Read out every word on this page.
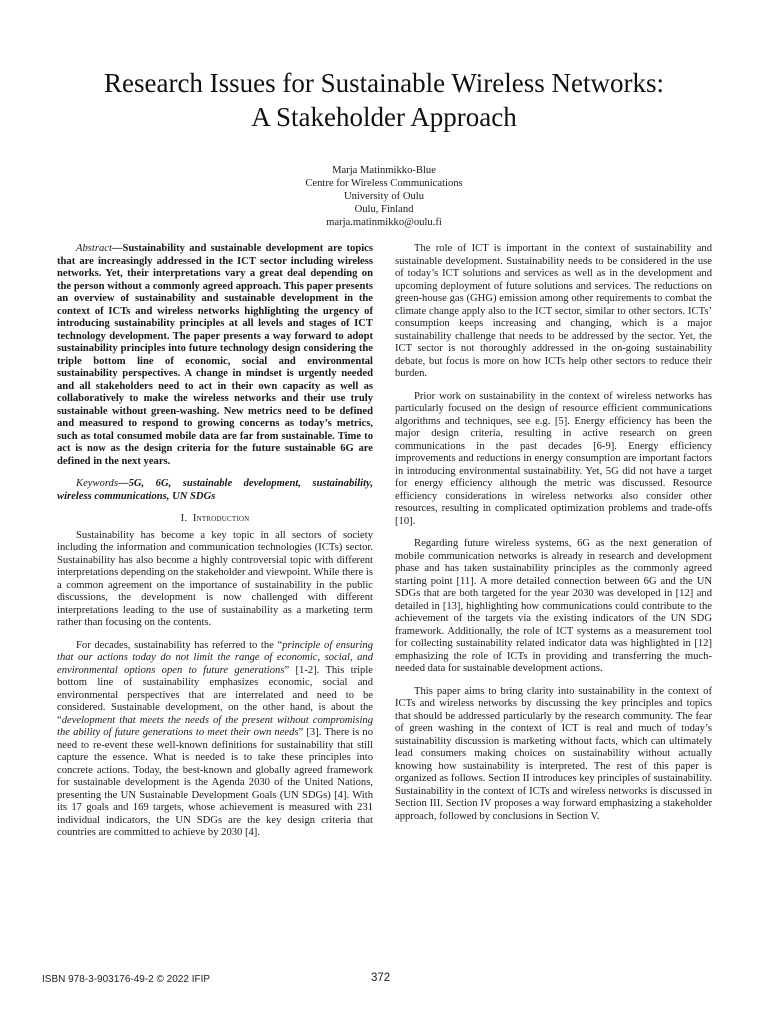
Research Issues for Sustainable Wireless Networks:
A Stakeholder Approach
Marja Matinmikko-Blue
Centre for Wireless Communications
University of Oulu
Oulu, Finland
marja.matinmikko@oulu.fi

Abstract—Sustainability and sustainable development are topics that are increasingly addressed in the ICT sector including wireless networks. Yet, their interpretations vary a great deal depending on the person without a commonly agreed approach. This paper presents an overview of sustainability and sustainable development in the context of ICTs and wireless networks highlighting the urgency of introducing sustainability principles at all levels and stages of ICT technology development. The paper presents a way forward to adopt sustainability principles into future technology design considering the triple bottom line of economic, social and environmental sustainability perspectives. A change in mindset is urgently needed and all stakeholders need to act in their own capacity as well as collaboratively to make the wireless networks and their use truly sustainable without green-washing. New metrics need to be defined and measured to respond to growing concerns as today’s metrics, such as total consumed mobile data are far from sustainable. Time to act is now as the design criteria for the future sustainable 6G are defined in the next years.

Keywords—5G, 6G, sustainable development, sustainability, wireless communications, UN SDGs

I. Introduction

Sustainability has become a key topic in all sectors of society including the information and communication technologies (ICTs) sector. Sustainability has also become a highly controversial topic with different interpretations depending on the stakeholder and viewpoint. While there is a common agreement on the importance of sustainability in the public discussions, the development is now challenged with different interpretations leading to the use of sustainability as a marketing term rather than focusing on the contents.

For decades, sustainability has referred to the “principle of ensuring that our actions today do not limit the range of economic, social, and environmental options open to future generations” [1-2]. This triple bottom line of sustainability emphasizes economic, social and environmental perspectives that are interrelated and need to be considered. Sustainable development, on the other hand, is about the “development that meets the needs of the present without compromising the ability of future generations to meet their own needs” [3]. There is no need to re-event these well-known definitions for sustainability that still capture the essence. What is needed is to take these principles into concrete actions. Today, the best-known and globally agreed framework for sustainable development is the Agenda 2030 of the United Nations, presenting the UN Sustainable Development Goals (UN SDGs) [4]. With its 17 goals and 169 targets, whose achievement is measured with 231 individual indicators, the UN SDGs are the key design criteria that countries are committed to achieve by 2030 [4].

The role of ICT is important in the context of sustainability and sustainable development. Sustainability needs to be considered in the use of today’s ICT solutions and services as well as in the development and upcoming deployment of future solutions and services. The reductions on green-house gas (GHG) emission among other requirements to combat the climate change apply also to the ICT sector, similar to other sectors. ICTs’ consumption keeps increasing and changing, which is a major sustainability challenge that needs to be addressed by the sector. Yet, the ICT sector is not thoroughly addressed in the on-going sustainability debate, but focus is more on how ICTs help other sectors to reduce their burden.

Prior work on sustainability in the context of wireless networks has particularly focused on the design of resource efficient communications algorithms and techniques, see e.g. [5]. Energy efficiency has been the major design criteria, resulting in active research on green communications in the past decades [6-9]. Energy efficiency improvements and reductions in energy consumption are important factors in introducing environmental sustainability. Yet, 5G did not have a target for energy efficiency although the metric was discussed. Resource efficiency considerations in wireless networks also consider other resources, resulting in complicated optimization problems and trade-offs [10].

Regarding future wireless systems, 6G as the next generation of mobile communication networks is already in research and development phase and has taken sustainability principles as the commonly agreed starting point [11]. A more detailed connection between 6G and the UN SDGs that are both targeted for the year 2030 was developed in [12] and detailed in [13], highlighting how communications could contribute to the achievement of the targets via the existing indicators of the UN SDG framework. Additionally, the role of ICT systems as a measurement tool for collecting sustainability related indicator data was highlighted in [12] emphasizing the role of ICTs in providing and transferring the much-needed data for sustainable development actions.

This paper aims to bring clarity into sustainability in the context of ICTs and wireless networks by discussing the key principles and topics that should be addressed particularly by the research community. The fear of green washing in the context of ICT is real and much of today’s sustainability discussion is marketing without facts, which can ultimately lead consumers making choices on sustainability without actually knowing how sustainability is interpreted. The rest of this paper is organized as follows. Section II introduces key principles of sustainability. Sustainability in the context of ICTs and wireless networks is discussed in Section III. Section IV proposes a way forward emphasizing a stakeholder approach, followed by conclusions in Section V.

ISBN 978-3-903176-49-2 © 2022 IFIP	372
